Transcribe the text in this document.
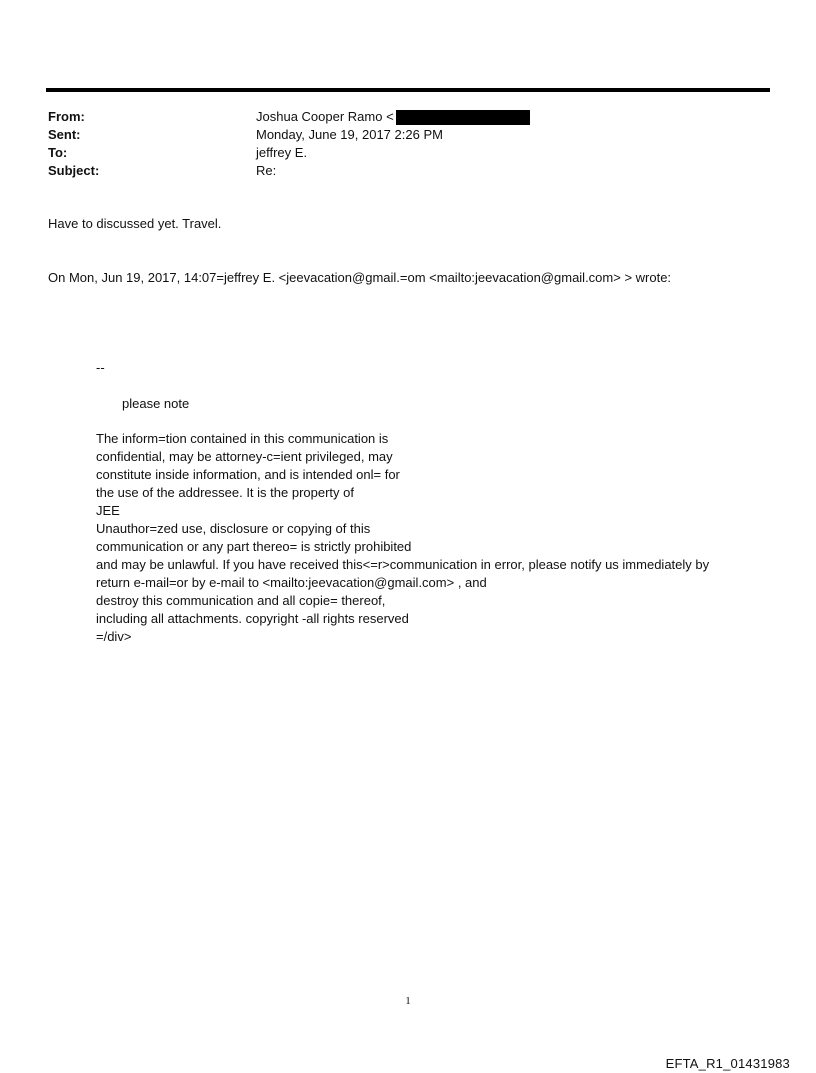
From:	Joshua Cooper Ramo <
Sent:	Monday, June 19, 2017 2:26 PM
To:	jeffrey E.
Subject:	Re:
Have to discussed yet. Travel.
On Mon, Jun 19, 2017, 14:07=jeffrey E. <jeevacation@gmail.=om <mailto:jeevacation@gmail.com> > wrote:
--
please note
The inform=tion contained in this communication is
confidential, may be attorney-c=ient privileged, may
constitute inside information, and is intended onl= for
the use of the addressee. It is the property of
JEE
Unauthor=zed use, disclosure or copying of this
communication or any part thereo= is strictly prohibited
and may be unlawful. If you have received this<=r>communication in error, please notify us immediately by
return e-mail=or by e-mail to <mailto:jeevacation@gmail.com> , and
destroy this communication and all copie= thereof,
including all attachments. copyright -all rights reserved
=/div>
1
EFTA_R1_01431983
